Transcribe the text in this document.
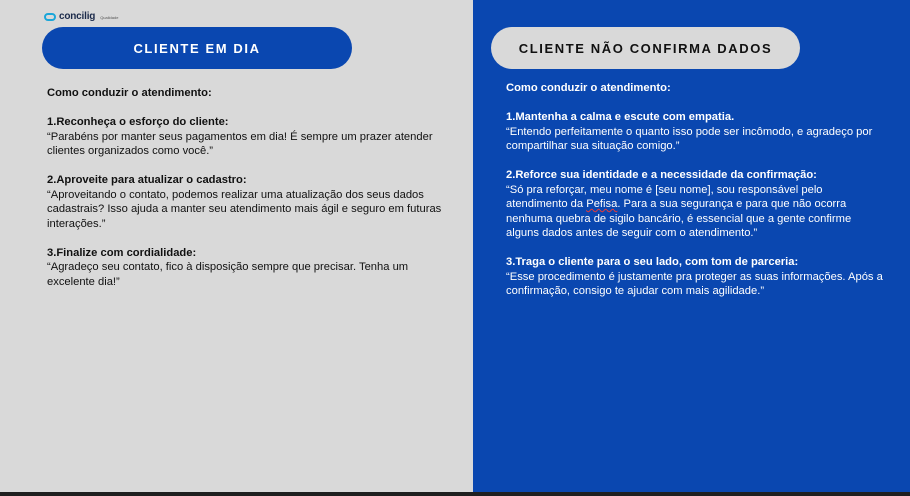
concilig Qualidade
CLIENTE EM DIA	CLIENTE NÃO CONFIRMA DADOS

Como conduzir o atendimento:

1.Reconheça o esforço do cliente:

“Parabéns por manter seus pagamentos em dia! É sempre um prazer atender clientes organizados como você.”

2.Aproveite para atualizar o cadastro:

“Aproveitando o contato, podemos realizar uma atualização dos seus dados cadastrais? Isso ajuda a manter seu atendimento mais ágil e seguro em futuras interações.”

3.Finalize com cordialidade:

“Agradeço seu contato, fico à disposição sempre que precisar. Tenha um excelente dia!”

Como conduzir o atendimento:

1.Mantenha a calma e escute com empatia.

“Entendo perfeitamente o quanto isso pode ser incômodo, e agradeço por compartilhar sua situação comigo.”

2.Reforce sua identidade e a necessidade da confirmação:

“Só pra reforçar, meu nome é [seu nome], sou responsável pelo atendimento da Pefisa. Para a sua segurança e para que não ocorra nenhuma quebra de sigilo bancário, é essencial que a gente confirme alguns dados antes de seguir com o atendimento.”

3.Traga o cliente para o seu lado, com tom de parceria:

“Esse procedimento é justamente pra proteger as suas informações. Após a confirmação, consigo te ajudar com mais agilidade.”
